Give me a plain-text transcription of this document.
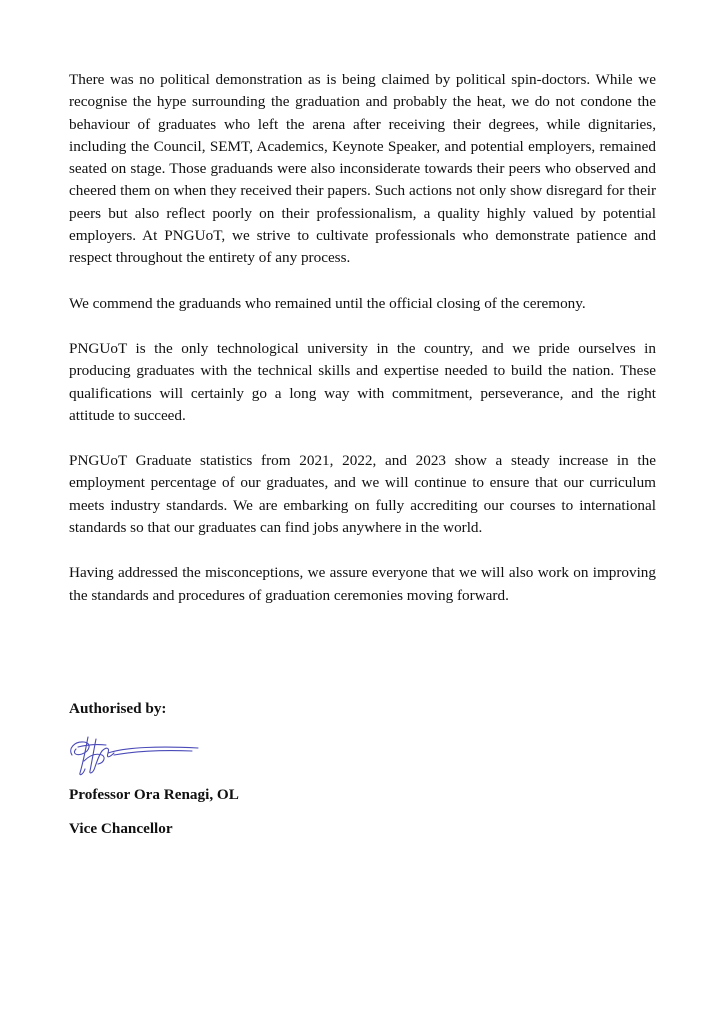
There was no political demonstration as is being claimed by political spin-doctors. While we recognise the hype surrounding the graduation and probably the heat, we do not condone the behaviour of graduates who left the arena after receiving their degrees, while dignitaries, including the Council, SEMT, Academics, Keynote Speaker, and potential employers, remained seated on stage. Those graduands were also inconsiderate towards their peers who observed and cheered them on when they received their papers. Such actions not only show disregard for their peers but also reflect poorly on their professionalism, a quality highly valued by potential employers. At PNGUoT, we strive to cultivate professionals who demonstrate patience and respect throughout the entirety of any process.

We commend the graduands who remained until the official closing of the ceremony.

PNGUoT is the only technological university in the country, and we pride ourselves in producing graduates with the technical skills and expertise needed to build the nation. These qualifications will certainly go a long way with commitment, perseverance, and the right attitude to succeed.

PNGUoT Graduate statistics from 2021, 2022, and 2023 show a steady increase in the employment percentage of our graduates, and we will continue to ensure that our curriculum meets industry standards. We are embarking on fully accrediting our courses to international standards so that our graduates can find jobs anywhere in the world.

Having addressed the misconceptions, we assure everyone that we will also work on improving the standards and procedures of graduation ceremonies moving forward.

Authorised by:

Professor Ora Renagi, OL

Vice Chancellor
